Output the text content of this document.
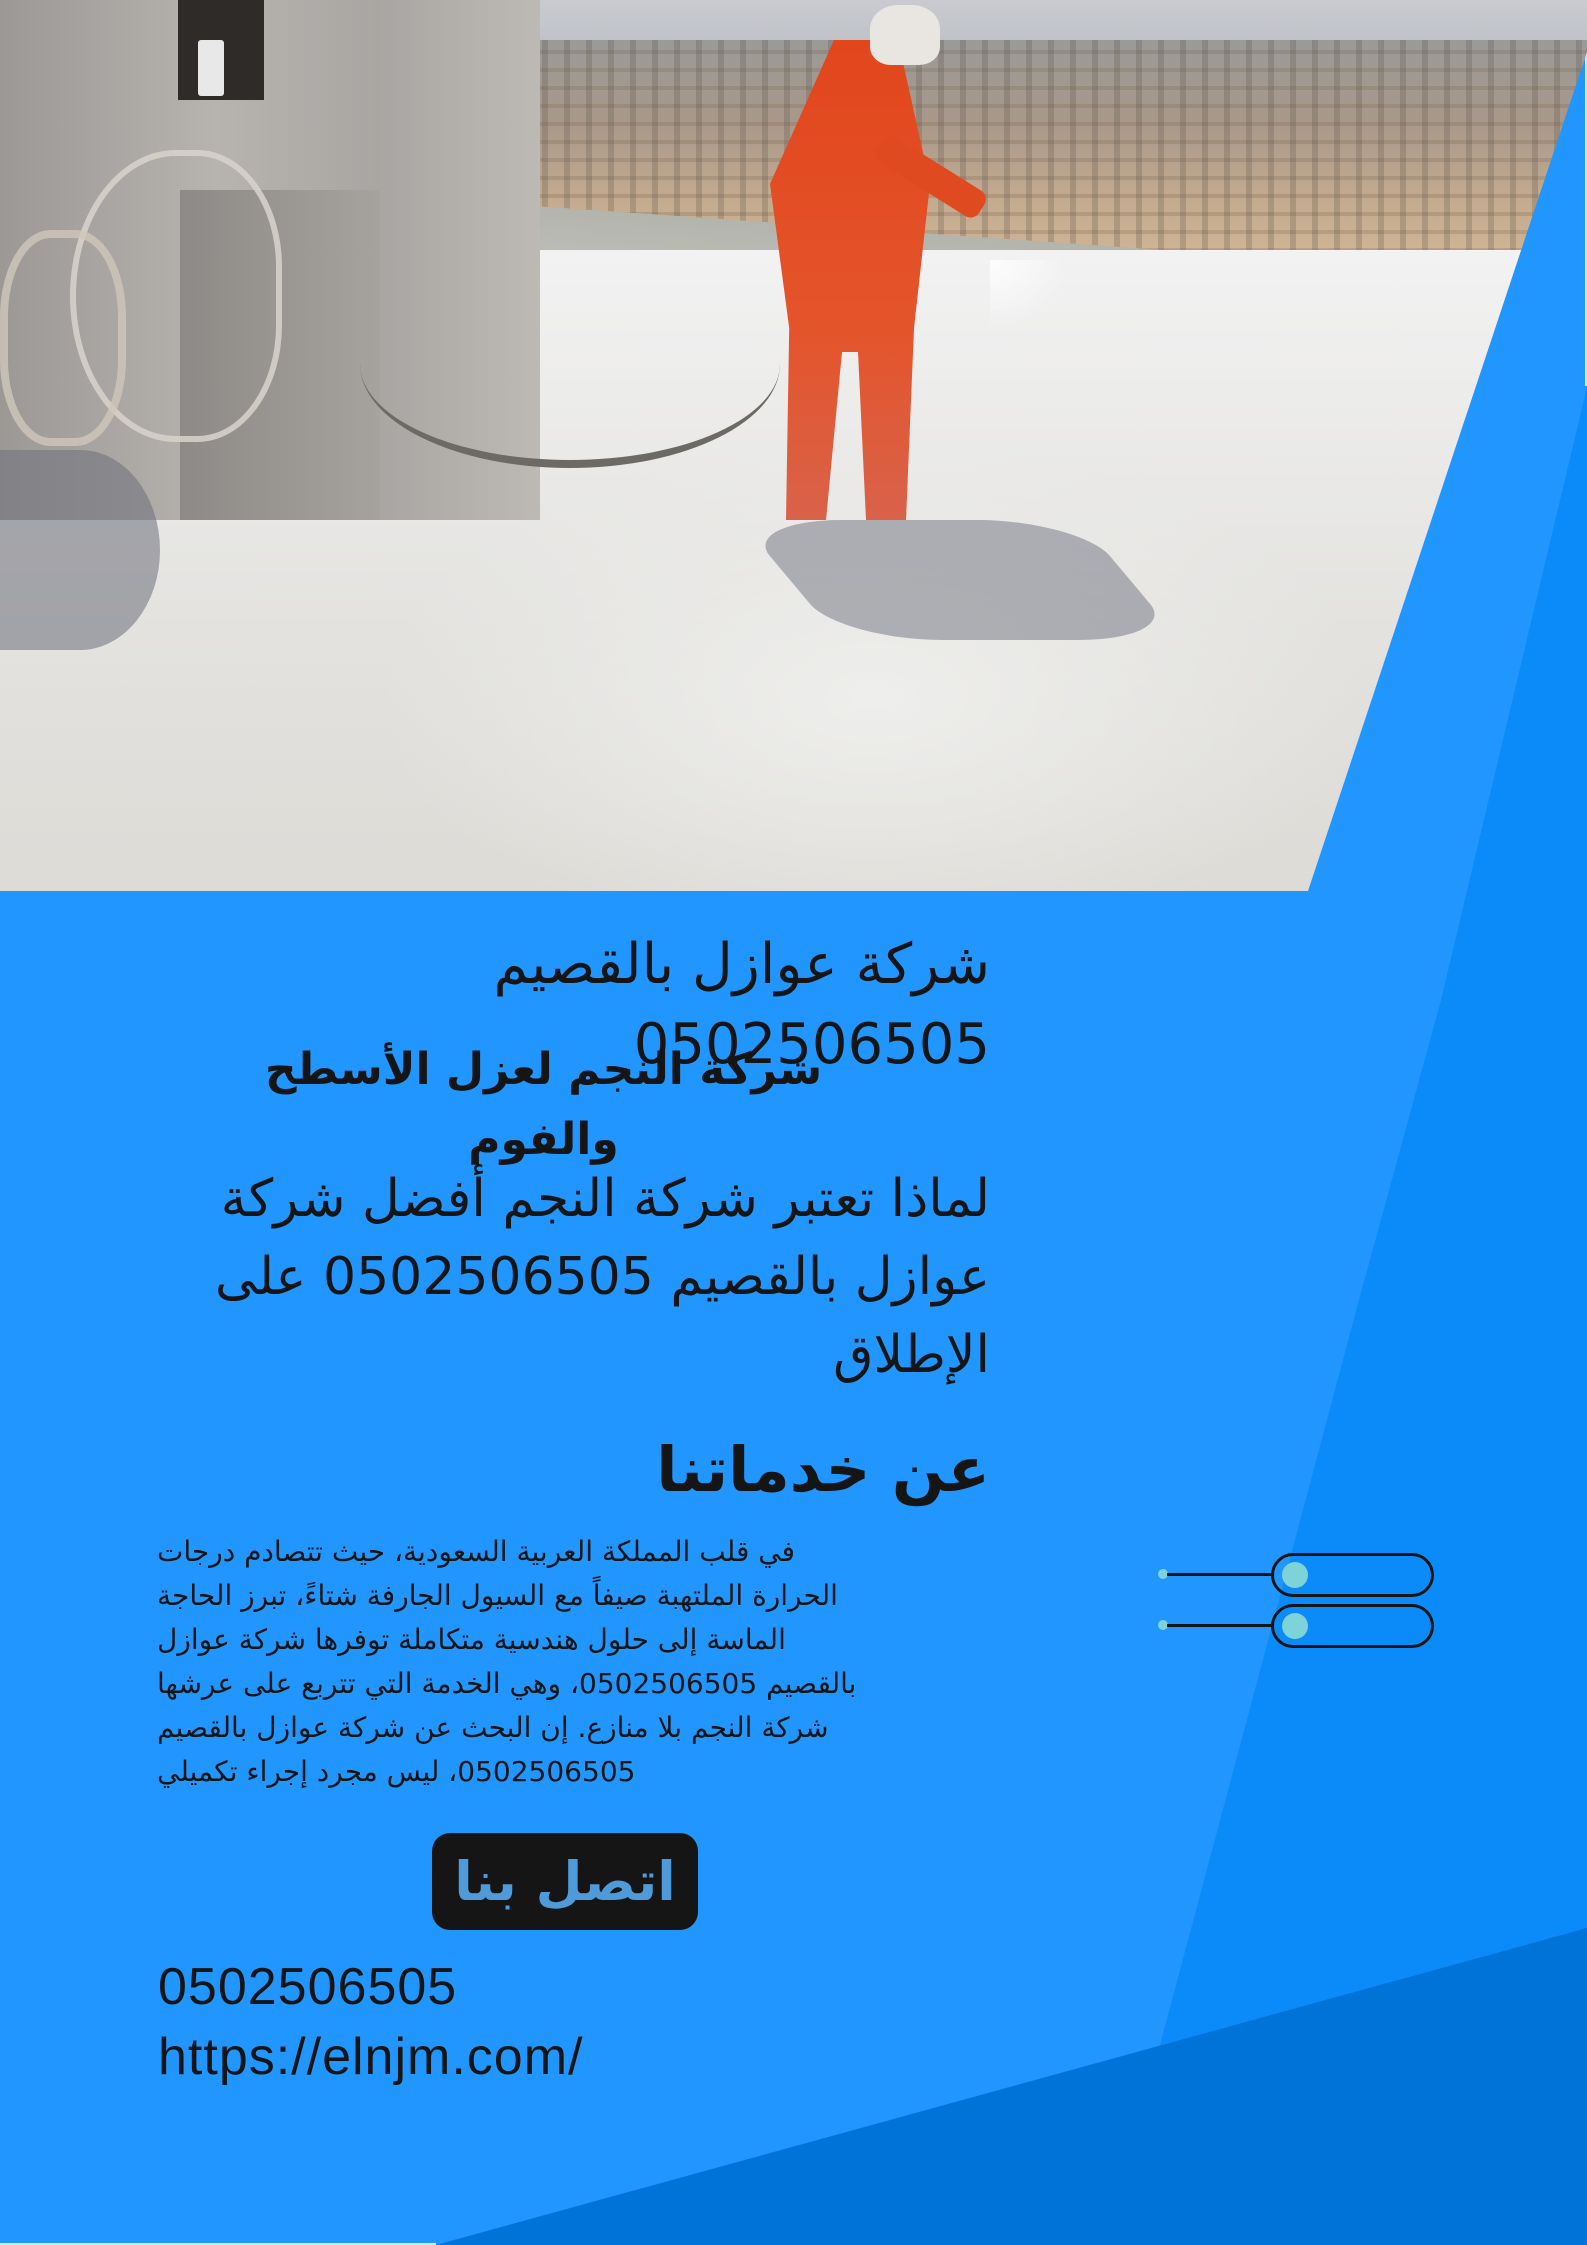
شركة عوازل بالقصيم 0502506505
شركة النجم لعزل الأسطح والفوم
لماذا تعتبر شركة النجم أفضل شركة عوازل بالقصيم 0502506505 على الإطلاق
عن خدماتنا
في قلب المملكة العربية السعودية، حيث تتصادم درجات
الحرارة الملتهبة صيفاً مع السيول الجارفة شتاءً، تبرز الحاجة
الماسة إلى حلول هندسية متكاملة توفرها شركة عوازل
بالقصيم 0502506505، وهي الخدمة التي تتربع على عرشها
شركة النجم بلا منازع. إن البحث عن شركة عوازل بالقصيم
0502506505، ليس مجرد إجراء تكميلي
اتصل بنا
0502506505
https://elnjm.com/
